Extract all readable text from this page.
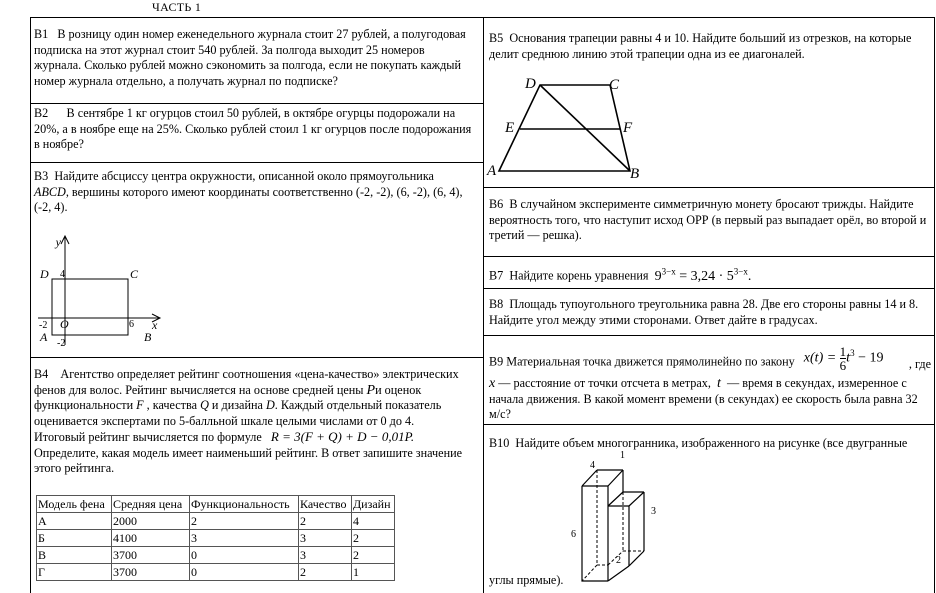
ЧАСТЬ 1

В1 В розницу один номер еженедельного журнала стоит 27 рублей, а полугодовая подписка на этот журнал стоит 540 рублей. За полгода выходит 25 номеров журнала. Сколько рублей можно сэкономить за полгода, если не покупать каждый номер журнала отдельно, а получать журнал по подписке?

В2 В сентябре 1 кг огурцов стоил 50 рублей, в октябре огурцы подорожали на 20%, а в ноябре еще на 25%. Сколько рублей стоил 1 кг огурцов после подорожания в ноябре?

В3 Найдите абсциссу центра окружности, описанной около прямоугольника
ABCD, вершины которого имеют координаты соответственно (-2, -2), (6, -2), (6, 4), (-2, 4).

y
x
D	C
A	B
O
4
-2	6
-2

В4 Агентство определяет рейтинг соотношения «цена-качество» электрических фенов для волос. Рейтинг вычисляется на основе средней цены Pи оценок функциональности F , качества Q и дизайна D. Каждый отдельный показатель оценивается экспертами по 5-балльной шкале целыми числами от 0 до 4.
Итоговый рейтинг вычисляется по формуле R = 3(F + Q) + D − 0,01P.
Определите, какая модель имеет наименьший рейтинг. В ответ запишите значение этого рейтинга.

Модель фена	Средняя цена	Функциональность	Качество	Дизайн
А	2000	2	2	4
Б	4100	3	3	2
В	3700	0	3	2
Г	3700	0	2	1

В5 Основания трапеции равны 4 и 10. Найдите больший из отрезков, на которые делит среднюю линию этой трапеции одна из ее диагоналей.

D	C
E	F
A	B

В6 В случайном эксперименте симметричную монету бросают трижды. Найдите вероятность того, что наступит исход ОРР (в первый раз выпадает орёл, во второй и третий — решка).

В7 Найдите корень уравнения $9^{3-x} = 3,24 \cdot 5^{3-x}$.

В8 Площадь тупоугольного треугольника равна 28. Две его стороны равны 14 и 8. Найдите угол между этими сторонами. Ответ дайте в градусах.

В9 Материальная точка движется прямолинейно по закону $x(t) = \frac{1}{6} t^3 - 19$ , где

x — расстояние от точки отсчета в метрах, t — время в секундах, измеренное с начала движения. В какой момент времени (в секундах) ее скорость была равна 32 м/с?

В10 Найдите объем многогранника, изображенного на рисунке (все двугранные

углы прямые).

1
4
3
6
2
